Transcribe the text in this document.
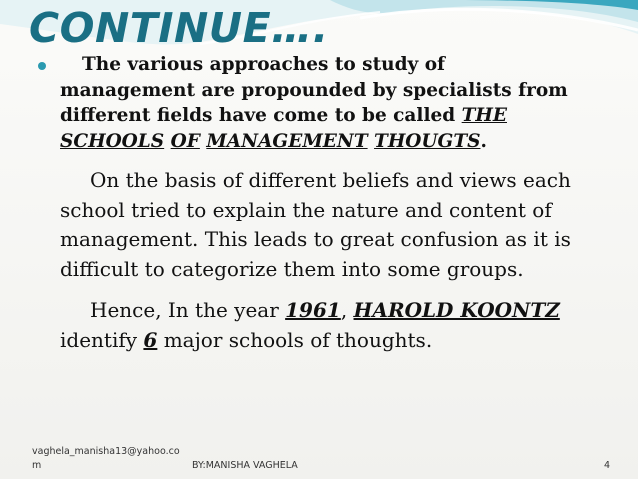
CONTINUE….
The various approaches to study of
management are propounded by specialists from
different fields have come to be called THE
SCHOOLS OF MANAGEMENT THOUGTS.
On the basis of different beliefs and views each
school tried to explain the nature and content of
management. This leads to great confusion as it is
difficult to categorize them into some groups.
Hence, In the year 1961, HAROLD KOONTZ
identify 6 major schools of thoughts.
vaghela_manisha13@yahoo.com	BY:MANISHA VAGHELA	4
